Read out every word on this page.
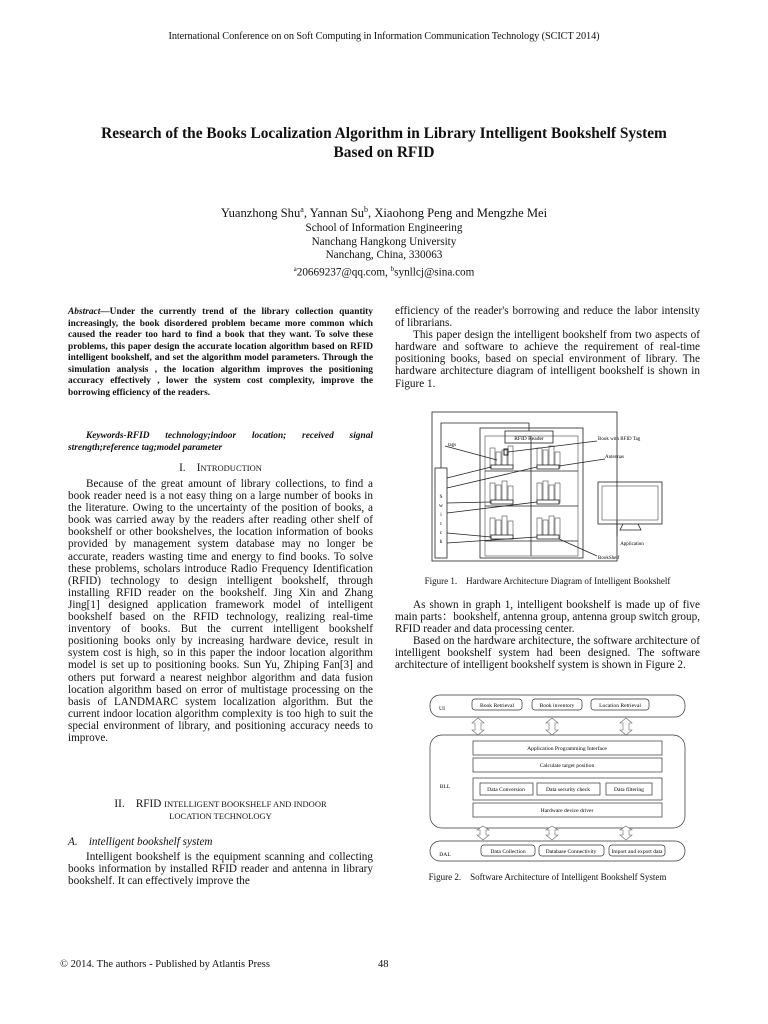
International Conference on on Soft Computing in Information Communication Technology (SCICT 2014)
Research of the Books Localization Algorithm in Library Intelligent Bookshelf System Based on RFID
Yuanzhong Shu$^a$, Yannan Su$^b$, Xiaohong Peng and Mengzhe Mei
School of Information Engineering
Nanchang Hangkong University
Nanchang, China, 330063
$^a$20669237@qq.com, $^b$synllcj@sina.com
Abstract—Under the currently trend of the library collection quantity increasingly, the book disordered problem became more common which caused the reader too hard to find a book that they want. To solve these problems, this paper design the accurate location algorithm based on RFID intelligent bookshelf, and set the algorithm model parameters. Through the simulation analysis , the location algorithm improves the positioning accuracy effectively , lower the system cost complexity, improve the borrowing efficiency of the readers.
Keywords-RFID technology;indoor location; received signal strength;reference tag;model parameter
I. INTRODUCTION

Because of the great amount of library collections, to find a book reader need is a not easy thing on a large number of books in the literature. Owing to the uncertainty of the position of books, a book was carried away by the readers after reading other shelf of bookshelf or other bookshelves, the location information of books provided by management system database may no longer be accurate, readers wasting time and energy to find books. To solve these problems, scholars introduce Radio Frequency Identification (RFID) technology to design intelligent bookshelf, through installing RFID reader on the bookshelf. Jing Xin and Zhang Jing[1] designed application framework model of intelligent bookshelf based on the RFID technology, realizing real-time inventory of books. But the current intelligent bookshelf positioning books only by increasing hardware device, result in system cost is high, so in this paper the indoor location algorithm model is set up to positioning books. Sun Yu, Zhiping Fan[3] and others put forward a nearest neighbor algorithm and data fusion location algorithm based on error of multistage processing on the basis of LANDMARC system localization algorithm. But the current indoor location algorithm complexity is too high to suit the special environment of library, and positioning accuracy needs to improve.

II. RFID INTELLIGENT BOOKSHELF AND INDOOR
LOCATION TECHNOLOGY
A. intelligent bookshelf system

Intelligent bookshelf is the equipment scanning and collecting books information by installed RFID reader and antenna in library bookshelf. It can effectively improve the

efficiency of the reader's borrowing and reduce the labor intensity of librarians.

This paper design the intelligent bookshelf from two aspects of hardware and software to achieve the requirement of real-time positioning books, based on special environment of library. The hardware architecture diagram of intelligent bookshelf is shown in Figure 1.

RFID Reader
tags
Book with RFID Tag
Antennas
S
w
i
t
c
h	Application
BookShelf
Figure 1. Hardware Architecture Diagram of Intelligent Bookshelf

As shown in graph 1, intelligent bookshelf is made up of five main parts：bookshelf, antenna group, antenna group switch group, RFID reader and data processing center.

Based on the hardware architecture, the software architecture of intelligent bookshelf system had been designed. The software architecture of intelligent bookshelf system is shown in Figure 2.

UI
BLL
DAL
Book Retrieval	Book inventory	Location Retrieval
Application Programming Interface
Calculate target position
Data Conversion	Data security check	Data filtering
Hardware device driver
Data Collection	Database Connectivity	Import and export data
Figure 2. Software Architecture of Intelligent Bookshelf System
© 2014. The authors - Published by Atlantis Press	48
